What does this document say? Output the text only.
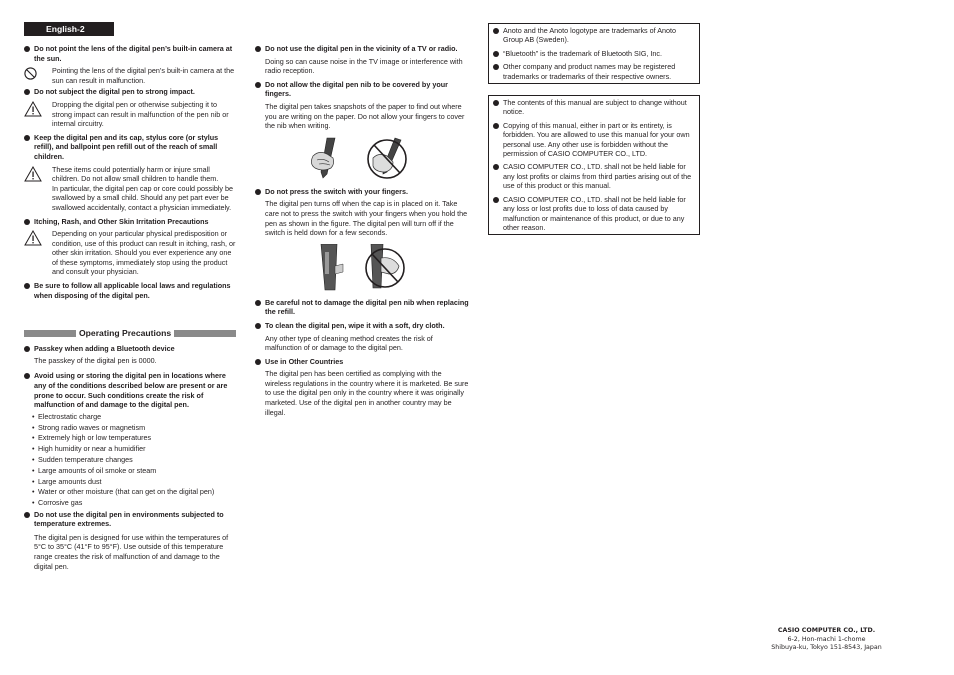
English-2
Do not point the lens of the digital pen’s built-in camera at the sun.
Pointing the lens of the digital pen’s built-in camera at the sun can result in malfunction.
Do not subject the digital pen to strong impact.
Dropping the digital pen or otherwise subjecting it to strong impact can result in malfunction of the pen nib or internal circuitry.
Keep the digital pen and its cap, stylus core (or stylus refill), and ballpoint pen refill out of the reach of small children.
These items could potentially harm or injure small children. Do not allow small children to handle them.
In particular, the digital pen cap or core could possibly be swallowed by a small child. Should any pet part ever be swallowed accidentally, contact a physician immediately.
Itching, Rash, and Other Skin Irritation Precautions
Depending on your particular physical predisposition or condition, use of this product can result in itching, rash, or other skin irritation. Should you ever experience any one of these symptoms, immediately stop using the product and consult your physician.
Be sure to follow all applicable local laws and regulations when disposing of the digital pen.
Operating Precautions
Passkey when adding a Bluetooth device
The passkey of the digital pen is 0000.
Avoid using or storing the digital pen in locations where any of the conditions described below are present or are prone to occur. Such conditions create the risk of malfunction of and damage to the digital pen.
• Electrostatic charge
• Strong radio waves or magnetism
• Extremely high or low temperatures
• High humidity or near a humidifier
• Sudden temperature changes
• Large amounts of oil smoke or steam
• Large amounts dust
• Water or other moisture (that can get on the digital pen)
• Corrosive gas
Do not use the digital pen in environments subjected to temperature extremes.
The digital pen is designed for use within the temperatures of 5°C to 35°C (41°F to 95°F). Use outside of this temperature range creates the risk of malfunction of and damage to the digital pen.
Do not use the digital pen in the vicinity of a TV or radio.
Doing so can cause noise in the TV image or interference with radio reception.
Do not allow the digital pen nib to be covered by your fingers.
The digital pen takes snapshots of the paper to find out where you are writing on the paper. Do not allow your fingers to cover the nib when writing.
Do not press the switch with your fingers.
The digital pen turns off when the cap is in placed on it. Take care not to press the switch with your fingers when you hold the pen as shown in the figure. The digital pen will turn off if the switch is held down for a few seconds.
Be careful not to damage the digital pen nib when replacing the refill.
To clean the digital pen, wipe it with a soft, dry cloth.
Any other type of cleaning method creates the risk of malfunction of or damage to the digital pen.
Use in Other Countries
The digital pen has been certified as complying with the wireless regulations in the country where it is marketed. Be sure to use the digital pen only in the country where it was originally marketed. Use of the digital pen in another country may be illegal.
Anoto and the Anoto logotype are trademarks of Anoto Group AB (Sweden).
“Bluetooth” is the trademark of Bluetooth SIG, Inc.
Other company and product names may be registered trademarks or trademarks of their respective owners.
The contents of this manual are subject to change without notice.
Copying of this manual, either in part or its entirety, is forbidden. You are allowed to use this manual for your own personal use. Any other use is forbidden without the permission of CASIO COMPUTER CO., LTD.
CASIO COMPUTER CO., LTD. shall not be held liable for any lost profits or claims from third parties arising out of the use of this product or this manual.
CASIO COMPUTER CO., LTD. shall not be held liable for any loss or lost profits due to loss of data caused by malfunction or maintenance of this product, or due to any other reason.
CASIO COMPUTER CO., LTD.
6-2, Hon-machi 1-chome
Shibuya-ku, Tokyo 151-8543, Japan
